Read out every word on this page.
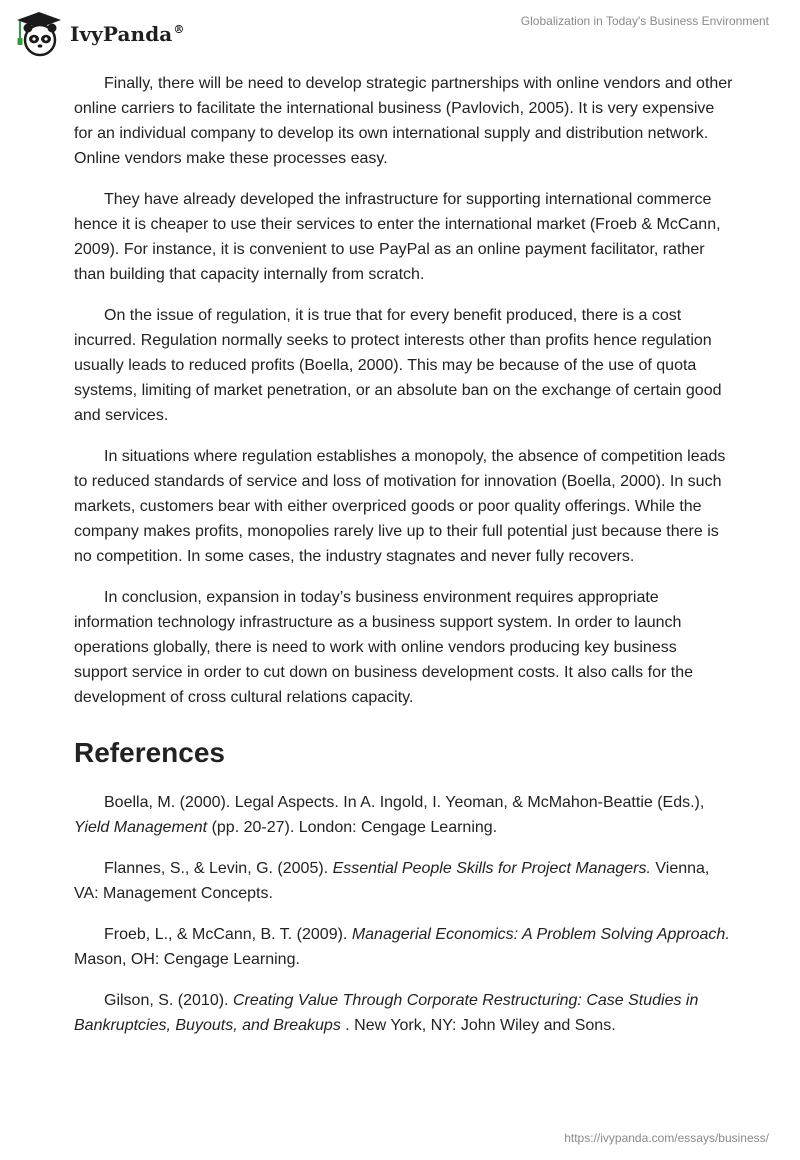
IvyPanda®
Globalization in Today's Business Environment

Finally, there will be need to develop strategic partnerships with online vendors and other online carriers to facilitate the international business (Pavlovich, 2005). It is very expensive for an individual company to develop its own international supply and distribution network. Online vendors make these processes easy.

They have already developed the infrastructure for supporting international commerce hence it is cheaper to use their services to enter the international market (Froeb & McCann, 2009). For instance, it is convenient to use PayPal as an online payment facilitator, rather than building that capacity internally from scratch.

On the issue of regulation, it is true that for every benefit produced, there is a cost incurred. Regulation normally seeks to protect interests other than profits hence regulation usually leads to reduced profits (Boella, 2000). This may be because of the use of quota systems, limiting of market penetration, or an absolute ban on the exchange of certain good and services.

In situations where regulation establishes a monopoly, the absence of competition leads to reduced standards of service and loss of motivation for innovation (Boella, 2000). In such markets, customers bear with either overpriced goods or poor quality offerings. While the company makes profits, monopolies rarely live up to their full potential just because there is no competition. In some cases, the industry stagnates and never fully recovers.

In conclusion, expansion in today’s business environment requires appropriate information technology infrastructure as a business support system. In order to launch operations globally, there is need to work with online vendors producing key business support service in order to cut down on business development costs. It also calls for the development of cross cultural relations capacity.

References

Boella, M. (2000). Legal Aspects. In A. Ingold, I. Yeoman, & McMahon-Beattie (Eds.), Yield Management (pp. 20-27). London: Cengage Learning.

Flannes, S., & Levin, G. (2005). Essential People Skills for Project Managers. Vienna, VA: Management Concepts.

Froeb, L., & McCann, B. T. (2009). Managerial Economics: A Problem Solving Approach. Mason, OH: Cengage Learning.

Gilson, S. (2010). Creating Value Through Corporate Restructuring: Case Studies in Bankruptcies, Buyouts, and Breakups . New York, NY: John Wiley and Sons.

https://ivypanda.com/essays/business/
